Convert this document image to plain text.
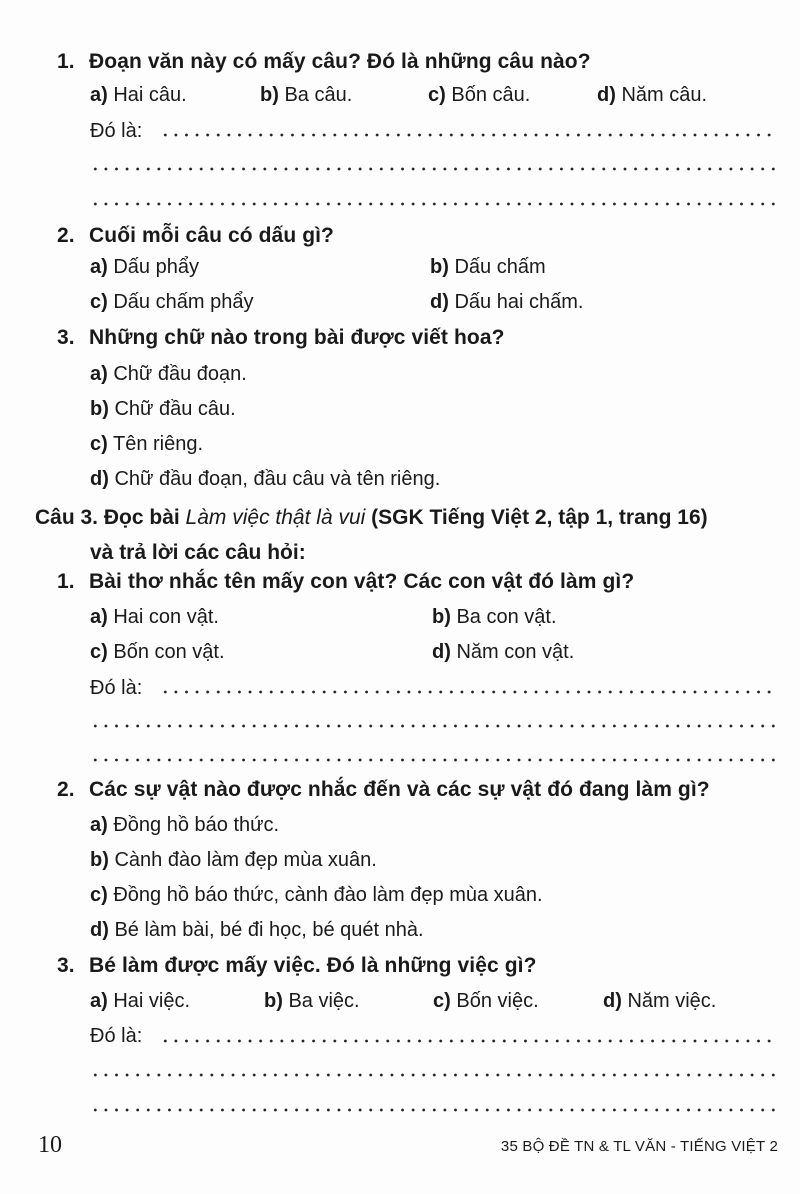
1. Đoạn văn này có mấy câu? Đó là những câu nào?
a) Hai câu.	b) Ba câu.	c) Bốn câu.	d) Năm câu.
Đó là:
2. Cuối mỗi câu có dấu gì?
a) Dấu phẩy	b) Dấu chấm
c) Dấu chấm phẩy	d) Dấu hai chấm.
3. Những chữ nào trong bài được viết hoa?
a) Chữ đầu đoạn.
b) Chữ đầu câu.
c) Tên riêng.
d) Chữ đầu đoạn, đầu câu và tên riêng.
Câu 3. Đọc bài Làm việc thật là vui (SGK Tiếng Việt 2, tập 1, trang 16)
và trả lời các câu hỏi:
1. Bài thơ nhắc tên mấy con vật? Các con vật đó làm gì?
a) Hai con vật.	b) Ba con vật.
c) Bốn con vật.	d) Năm con vật.
Đó là:
2. Các sự vật nào được nhắc đến và các sự vật đó đang làm gì?
a) Đồng hồ báo thức.
b) Cành đào làm đẹp mùa xuân.
c) Đồng hồ báo thức, cành đào làm đẹp mùa xuân.
d) Bé làm bài, bé đi học, bé quét nhà.
3. Bé làm được mấy việc. Đó là những việc gì?
a) Hai việc.	b) Ba việc.	c) Bốn việc.	d) Năm việc.
Đó là:
10	35 BỘ ĐỀ TN & TL VĂN - TIẾNG VIỆT 2
